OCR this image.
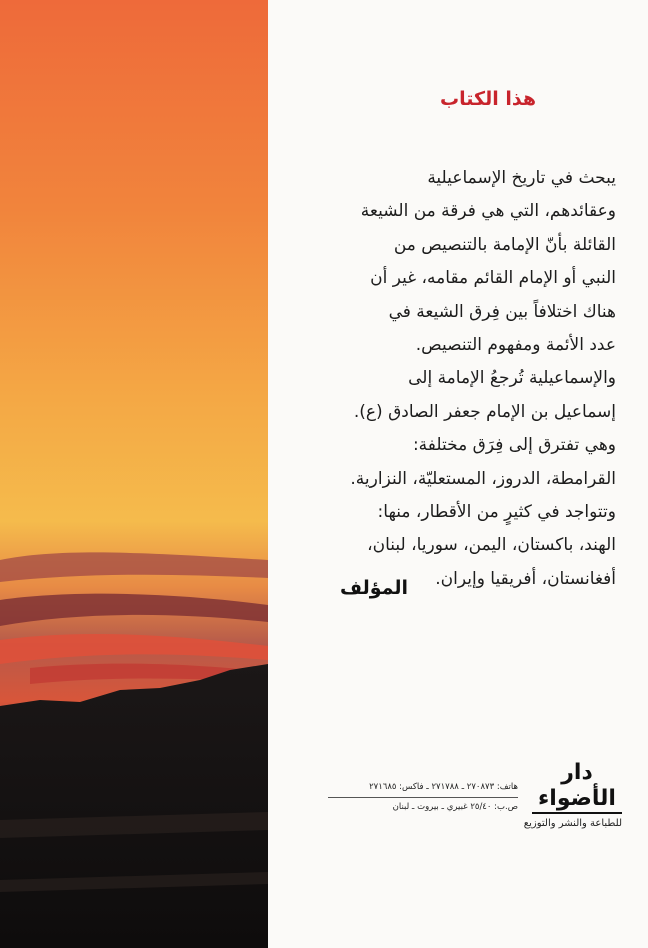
هذا الكتاب

يبحث في تاريخ الإسماعيلية

وعقائدهم، التي هي فرقة من الشيعة

القائلة بأنّ الإمامة بالتنصيص من

النبي أو الإمام القائم مقامه، غير أن

هناك اختلافاً بين فِرق الشيعة في

عدد الأئمة ومفهوم التنصيص.

والإسماعيلية تُرجعُ الإمامة إلى

إسماعيل بن الإمام جعفر الصادق (ع).

وهي تفترق إلى فِرَق مختلفة:

القرامطة، الدروز، المستعليّة، النزارية.

وتتواجد في كثيرٍ من الأقطار، منها:

الهند، باكستان، اليمن، سوريا، لبنان،

أفغانستان، أفريقيا وإيران.

المؤلف
دار الأضواء
للطباعة والنشر والتوزيع
هاتف: ٢٧٠٨٧٣ ـ ٢٧١٧٨٨ ـ فاكس: ٢٧١٦٨٥
ص.ب: ٢٥/٤٠ غبيري ـ بيروت ـ لبنان
